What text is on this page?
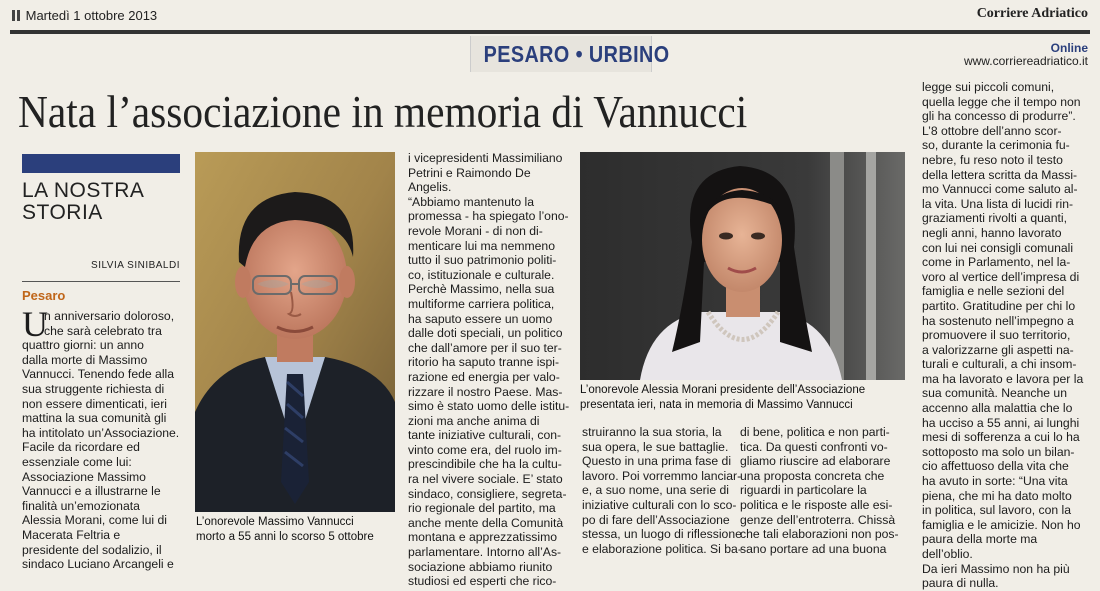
Martedì 1 ottobre 2013	Corriere Adriatico
PESARO • URBINO	Online
www.corriereadriatico.it
Nata l’associazione in memoria di Vannucci
LA NOSTRA
STORIA
SILVIA SINIBALDI
Pesaro
U
n anniversario doloroso,
che sarà celebrato tra
quattro giorni: un anno
dalla morte di Massimo
Vannucci. Tenendo fede alla
sua struggente richiesta di
non essere dimenticati, ieri
mattina la sua comunità gli
ha intitolato un’Associazione.
Facile da ricordare ed
essenziale come lui:
Associazione Massimo
Vannucci e a illustrarne le
finalità un’emozionata
Alessia Morani, come lui di
Macerata Feltria e
presidente del sodalizio, il
sindaco Luciano Arcangeli e
L’onorevole Massimo Vannucci
morto a 55 anni lo scorso 5 ottobre
i vicepresidenti Massimiliano
Petrini e Raimondo De
Angelis.
“Abbiamo mantenuto la
promessa - ha spiegato l’ono-
revole Morani - di non di-
menticare lui ma nemmeno
tutto il suo patrimonio politi-
co, istituzionale e culturale.
Perchè Massimo, nella sua
multiforme carriera politica,
ha saputo essere un uomo
dalle doti speciali, un politico
che dall’amore per il suo ter-
ritorio ha saputo tranne ispi-
razione ed energia per valo-
rizzare il nostro Paese. Mas-
simo è stato uomo delle istitu-
zioni ma anche anima di
tante iniziative culturali, con-
vinto come era, del ruolo im-
prescindibile che ha la cultu-
ra nel vivere sociale. E’ stato
sindaco, consigliere, segreta-
rio regionale del partito, ma
anche mente della Comunità
montana e apprezzatissimo
parlamentare. Intorno all’As-
sociazione abbiamo riunito
studiosi ed esperti che rico-
L’onorevole Alessia Morani presidente dell’Associazione
presentata ieri, nata in memoria di Massimo Vannucci
struiranno la sua storia, la
sua opera, le sue battaglie.
Questo in una prima fase di
lavoro. Poi vorremmo lanciar-
e, a suo nome, una serie di
iniziative culturali con lo sco-
po di fare dell’Associazione
stessa, un luogo di riflessione
e elaborazione politica. Si ba-
di bene, politica e non parti-
tica. Da questi confronti vo-
gliamo riuscire ad elaborare
una proposta concreta che
riguardi in particolare la
politica e le risposte alle esi-
genze dell’entroterra. Chissà
che tali elaborazioni non pos-
sano portare ad una buona
legge sui piccoli comuni,
quella legge che il tempo non
gli ha concesso di produrre”.
L’8 ottobre dell’anno scor-
so, durante la cerimonia fu-
nebre, fu reso noto il testo
della lettera scritta da Massi-
mo Vannucci come saluto al-
la vita. Una lista di lucidi rin-
graziamenti rivolti a quanti,
negli anni, hanno lavorato
con lui nei consigli comunali
come in Parlamento, nel la-
voro al vertice dell’impresa di
famiglia e nelle sezioni del
partito. Gratitudine per chi lo
ha sostenuto nell’impegno a
promuovere il suo territorio,
a valorizzarne gli aspetti na-
turali e culturali, a chi insom-
ma ha lavorato e lavora per la
sua comunità. Neanche un
accenno alla malattia che lo
ha ucciso a 55 anni, ai lunghi
mesi di sofferenza a cui lo ha
sottoposto ma solo un bilan-
cio affettuoso della vita che
ha avuto in sorte: “Una vita
piena, che mi ha dato molto
in politica, sul lavoro, con la
famiglia e le amicizie. Non ho
paura della morte ma
dell’oblio.
Da ieri Massimo non ha più
paura di nulla.
